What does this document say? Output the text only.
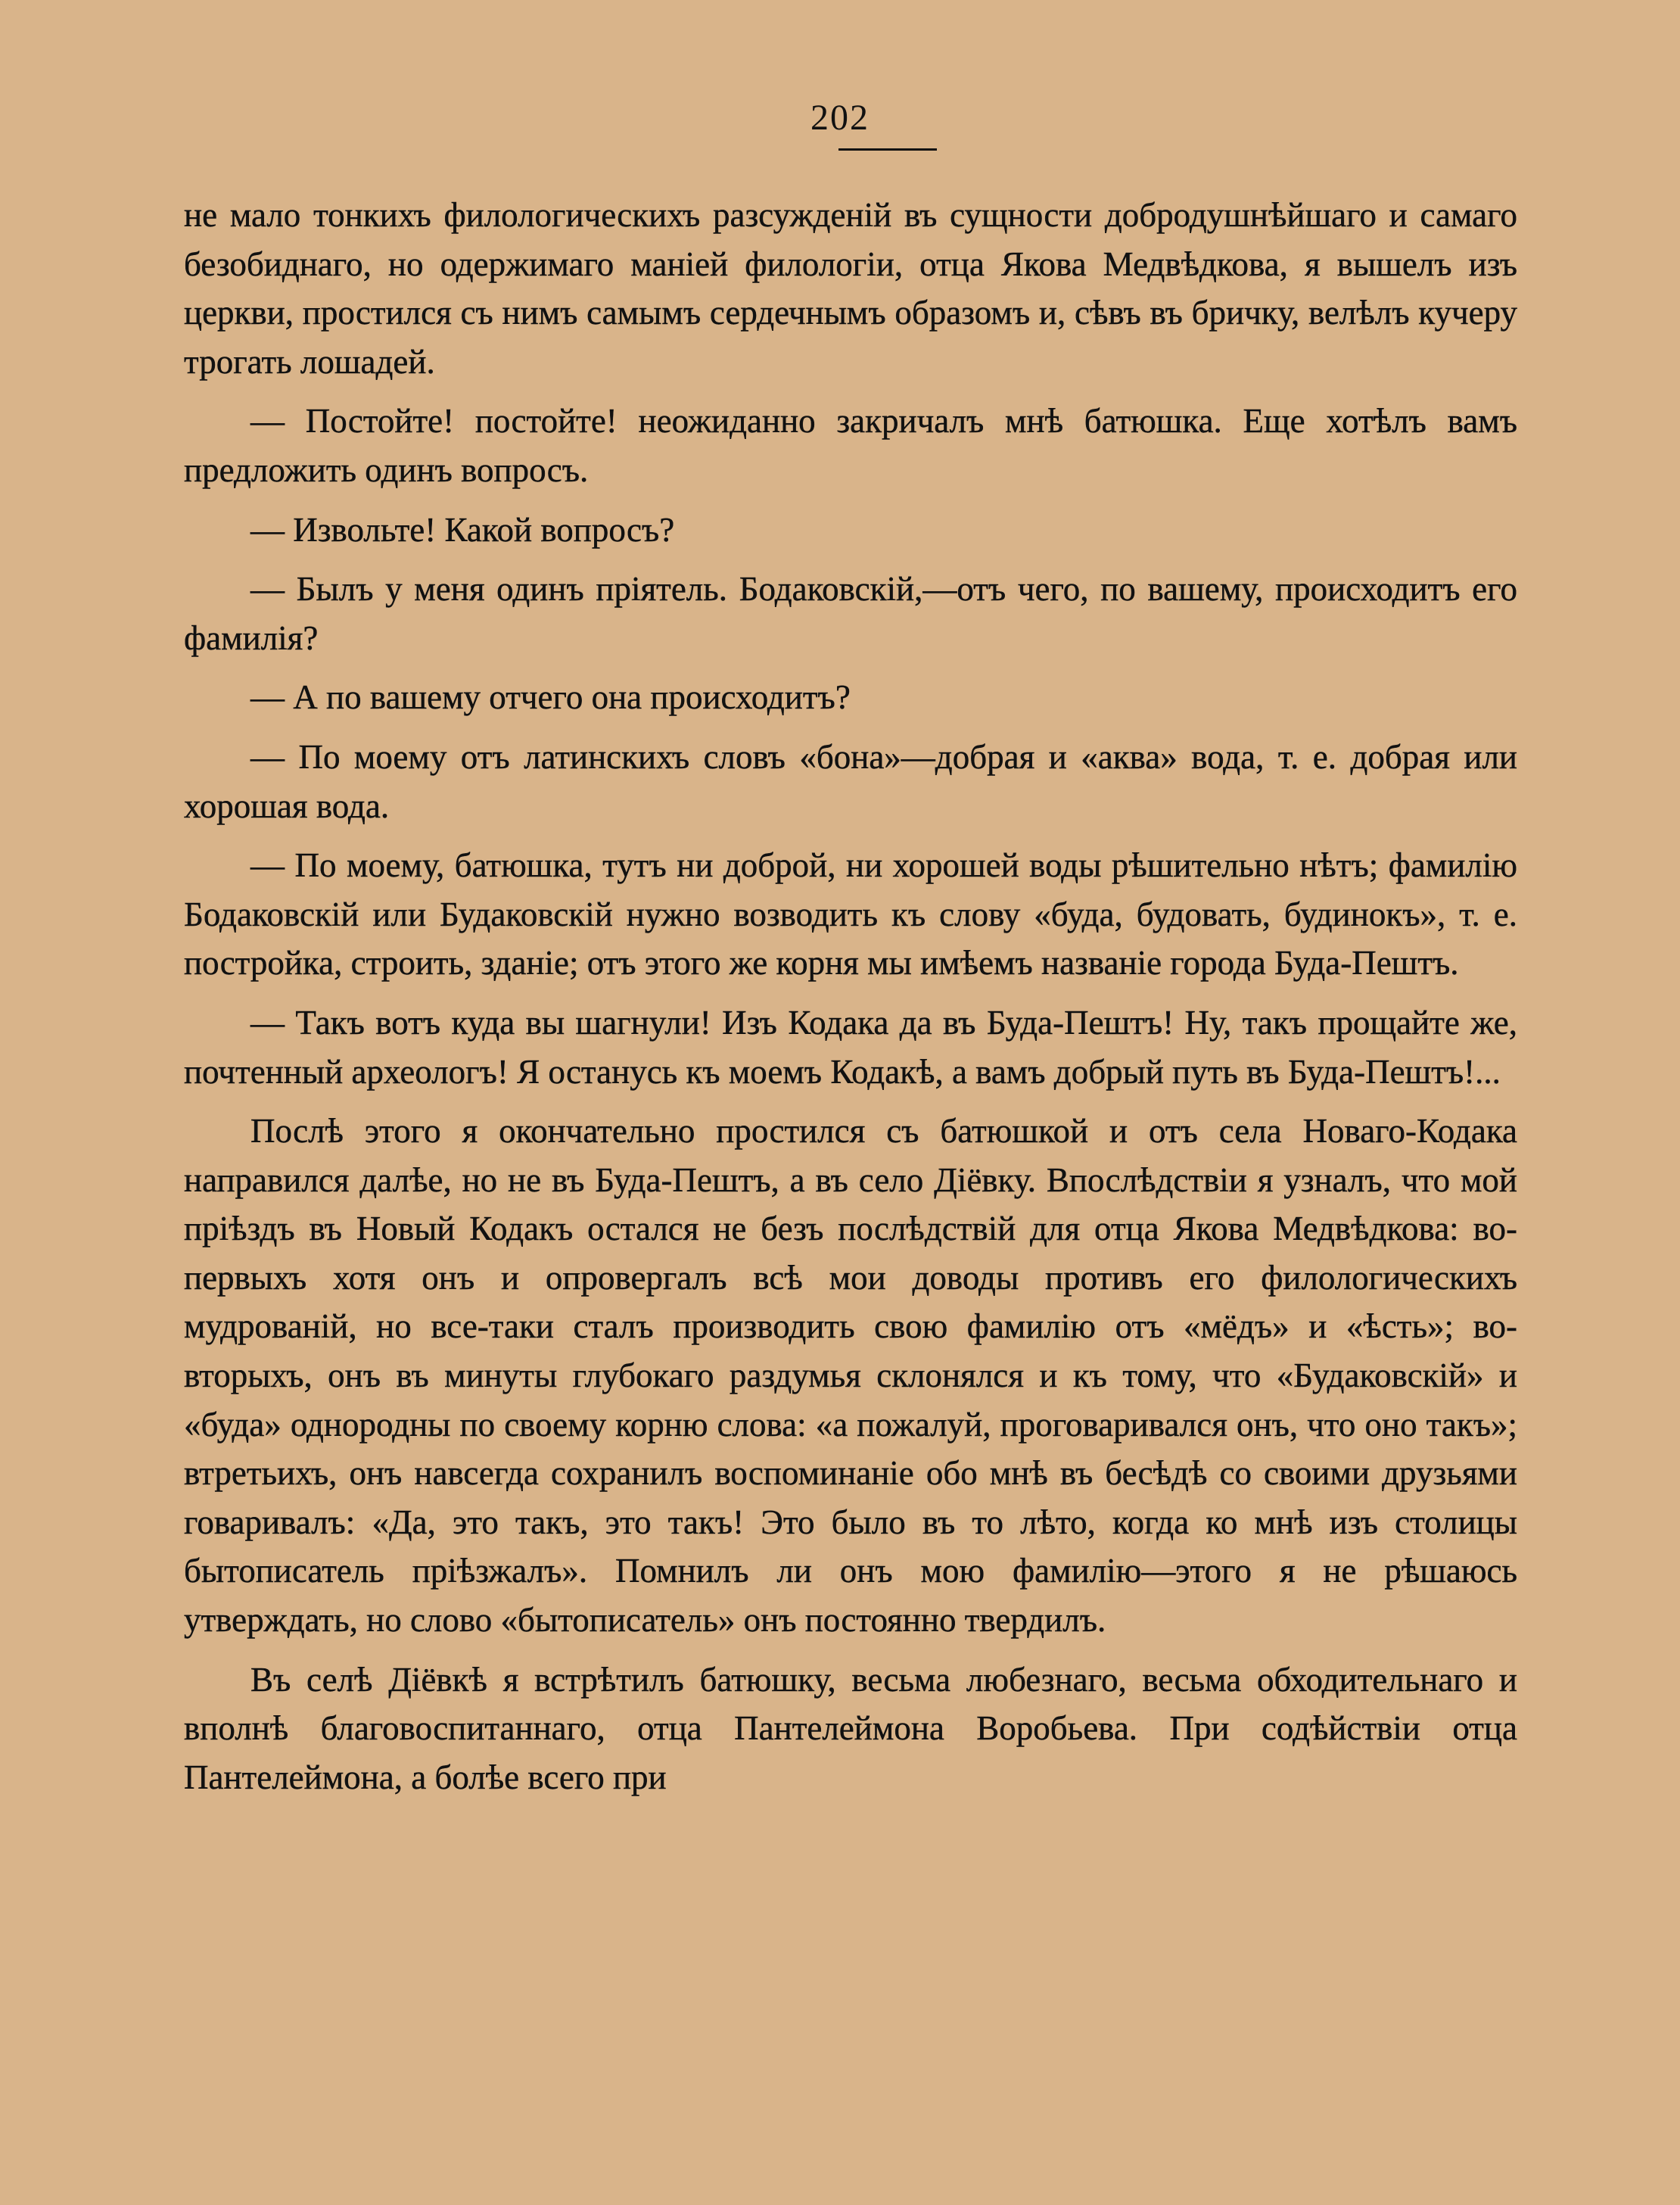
202

не мало тонкихъ филологическихъ разсужденій въ сущности добродушнѣйшаго и самаго безобиднаго, но одержимаго маніей филологіи, отца Якова Медвѣдкова, я вышелъ изъ церкви, простился съ нимъ самымъ сердечнымъ образомъ и, сѣвъ въ бричку, велѣлъ кучеру трогать лошадей.

— Постойте! постойте! неожиданно закричалъ мнѣ батюшка. Еще хотѣлъ вамъ предложить одинъ вопросъ.

— Извольте! Какой вопросъ?

— Былъ у меня одинъ пріятель. Бодаковскій,—отъ чего, по вашему, происходитъ его фамилія?

— А по вашему отчего она происходитъ?

— По моему отъ латинскихъ словъ «бона»—добрая и «аква» вода, т. е. добрая или хорошая вода.

— По моему, батюшка, тутъ ни доброй, ни хорошей воды рѣшительно нѣтъ; фамилію Бодаковскій или Будаковскій нужно возводить къ слову «буда, будовать, будинокъ», т. е. постройка, строить, зданіе; отъ этого же корня мы имѣемъ названіе города Буда-Пештъ.

— Такъ вотъ куда вы шагнули! Изъ Кодака да въ Буда-Пештъ! Ну, такъ прощайте же, почтенный археологъ! Я останусь къ моемъ Кодакѣ, а вамъ добрый путь въ Буда-Пештъ!...

Послѣ этого я окончательно простился съ батюшкой и отъ села Новаго-Кодака направился далѣе, но не въ Буда-Пештъ, а въ село Діёвку. Впослѣдствіи я узналъ, что мой пріѣздъ въ Новый Кодакъ остался не безъ послѣдствій для отца Якова Медвѣдкова: во-первыхъ хотя онъ и опровергалъ всѣ мои доводы противъ его филологическихъ мудрованій, но все-таки сталъ производить свою фамилію отъ «мёдъ» и «ѣсть»; во-вторыхъ, онъ въ минуты глубокаго раздумья склонялся и къ тому, что «Будаковскій» и «буда» однородны по своему корню слова: «а пожалуй, проговаривался онъ, что оно такъ»; втретьихъ, онъ навсегда сохранилъ воспоминаніе обо мнѣ въ бесѣдѣ со своими друзьями говаривалъ: «Да, это такъ, это такъ! Это было въ то лѣто, когда ко мнѣ изъ столицы бытописатель пріѣзжалъ». Помнилъ ли онъ мою фамилію—этого я не рѣшаюсь утверждать, но слово «бытописатель» онъ постоянно твердилъ.

Въ селѣ Діёвкѣ я встрѣтилъ батюшку, весьма любезнаго, весьма обходительнаго и вполнѣ благовоспитаннаго, отца Пантелеймона Воробьева. При содѣйствіи отца Пантелеймона, а болѣе всего при
